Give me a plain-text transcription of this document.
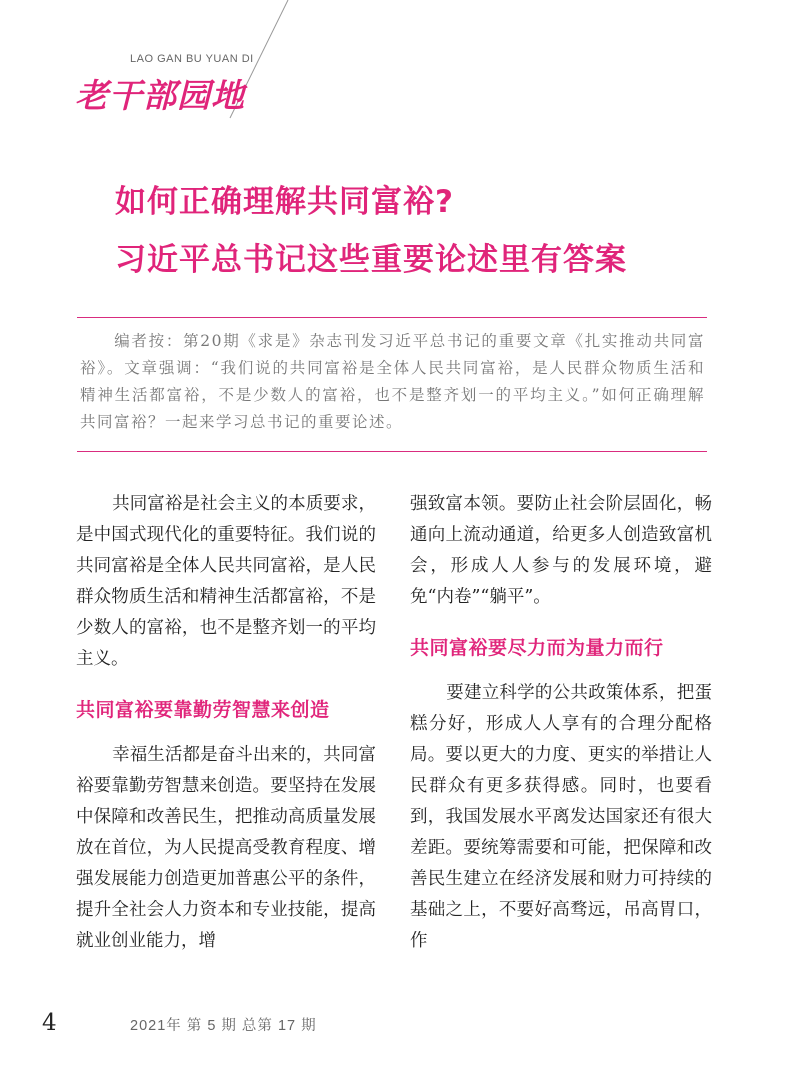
LAO GAN BU YUAN DI
老干部园地
如何正确理解共同富裕?
习近平总书记这些重要论述里有答案
编者按：第20期《求是》杂志刊发习近平总书记的重要文章《扎实推动共同富裕》。文章强调：“我们说的共同富裕是全体人民共同富裕，是人民群众物质生活和精神生活都富裕，不是少数人的富裕，也不是整齐划一的平均主义。”如何正确理解共同富裕？一起来学习总书记的重要论述。

共同富裕是社会主义的本质要求，是中国式现代化的重要特征。我们说的共同富裕是全体人民共同富裕，是人民群众物质生活和精神生活都富裕，不是少数人的富裕，也不是整齐划一的平均主义。

共同富裕要靠勤劳智慧来创造

幸福生活都是奋斗出来的，共同富裕要靠勤劳智慧来创造。要坚持在发展中保障和改善民生，把推动高质量发展放在首位，为人民提高受教育程度、增强发展能力创造更加普惠公平的条件，提升全社会人力资本和专业技能，提高就业创业能力，增

强致富本领。要防止社会阶层固化，畅通向上流动通道，给更多人创造致富机会，形成人人参与的发展环境，避免“内卷”“躺平”。

共同富裕要尽力而为量力而行

要建立科学的公共政策体系，把蛋糕分好，形成人人享有的合理分配格局。要以更大的力度、更实的举措让人民群众有更多获得感。同时，也要看到，我国发展水平离发达国家还有很大差距。要统筹需要和可能，把保障和改善民生建立在经济发展和财力可持续的基础之上，不要好高骛远，吊高胃口，作

4	2021年 第 5 期 总第 17 期
